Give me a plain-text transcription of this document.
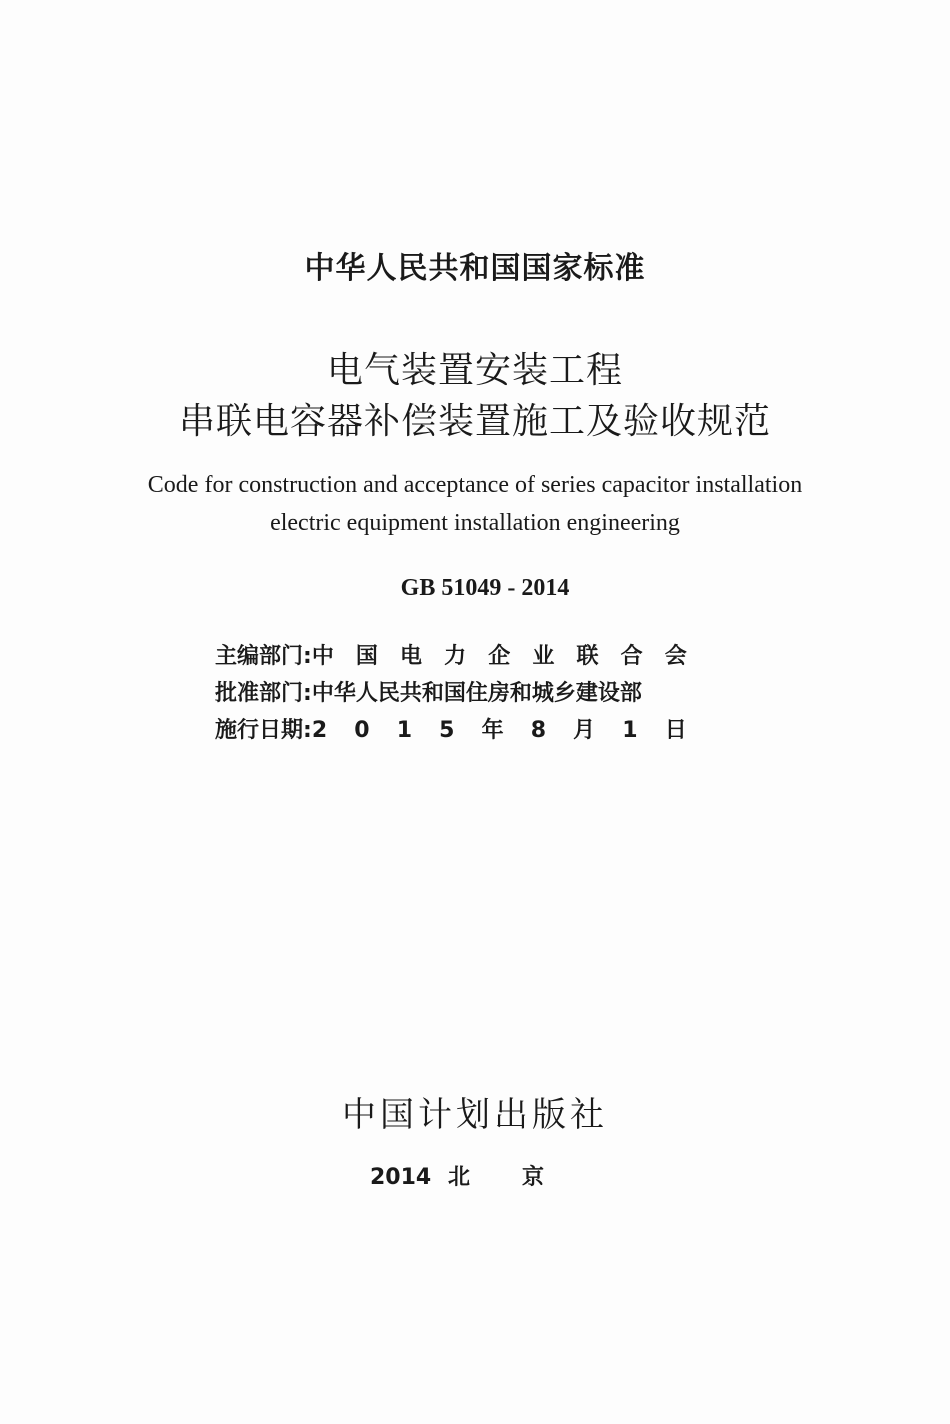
中华人民共和国国家标准
电气装置安装工程
串联电容器补偿装置施工及验收规范
Code for construction and acceptance of series capacitor installation
electric equipment installation engineering
GB 51049 - 2014
主编部门: 中 国 电 力 企 业 联 合 会
批准部门: 中华人民共和国住房和城乡建设部
施行日期: 2 0 1 5 年 8 月 1 日
中国计划出版社
2014 北 京
